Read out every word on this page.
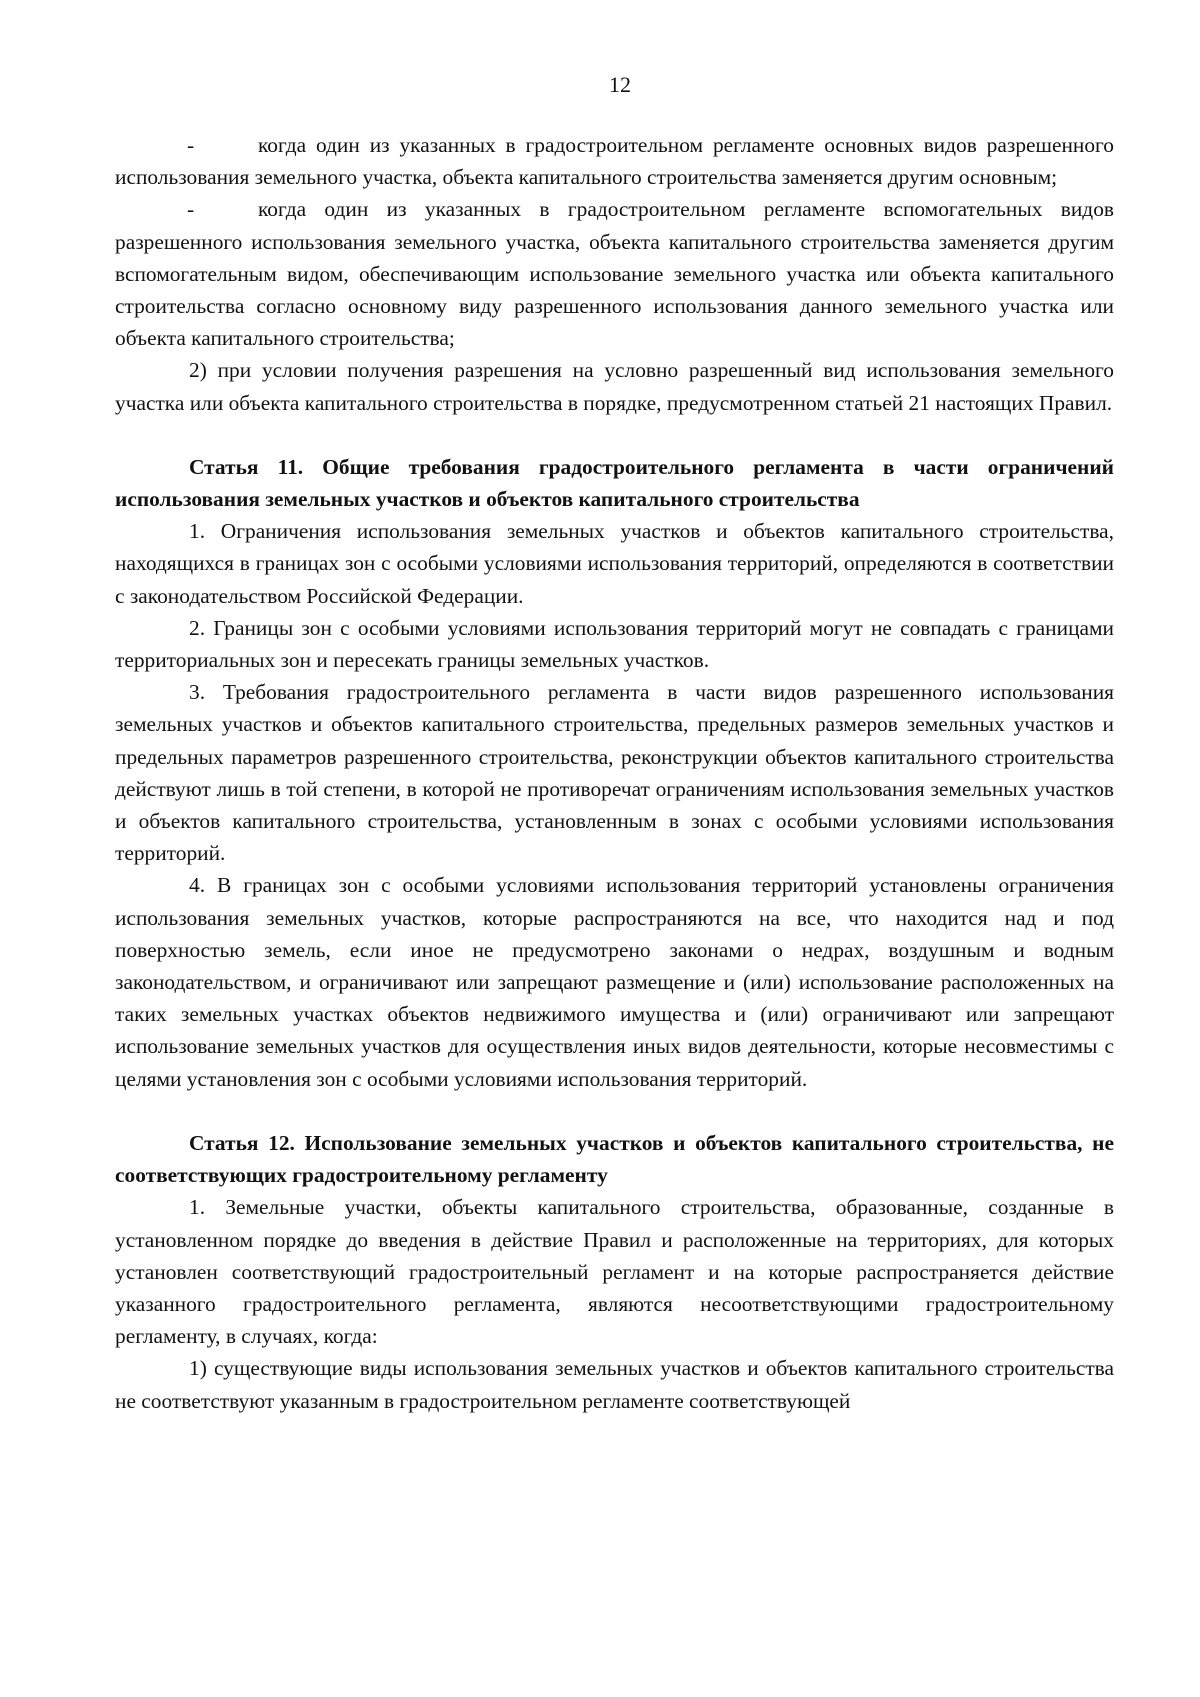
12

-	когда один из указанных в градостроительном регламенте основных видов разрешенного использования земельного участка, объекта капитального строительства заменяется другим основным;

-	когда один из указанных в градостроительном регламенте вспомогательных видов разрешенного использования земельного участка, объекта капитального строительства заменяется другим вспомогательным видом, обеспечивающим использование земельного участка или объекта капитального строительства согласно основному виду разрешенного использования данного земельного участка или объекта капитального строительства;

2) при условии получения разрешения на условно разрешенный вид использования земельного участка или объекта капитального строительства в порядке, предусмотренном статьей 21 настоящих Правил.

Статья 11. Общие требования градостроительного регламента в части ограничений использования земельных участков и объектов капитального строительства

1. Ограничения использования земельных участков и объектов капитального строительства, находящихся в границах зон с особыми условиями использования территорий, определяются в соответствии с законодательством Российской Федерации.

2. Границы зон с особыми условиями использования территорий могут не совпадать с границами территориальных зон и пересекать границы земельных участков.

3. Требования градостроительного регламента в части видов разрешенного использования земельных участков и объектов капитального строительства, предельных размеров земельных участков и предельных параметров разрешенного строительства, реконструкции объектов капитального строительства действуют лишь в той степени, в которой не противоречат ограничениям использования земельных участков и объектов капитального строительства, установленным в зонах с особыми условиями использования территорий.

4. В границах зон с особыми условиями использования территорий установлены ограничения использования земельных участков, которые распространяются на все, что находится над и под поверхностью земель, если иное не предусмотрено законами о недрах, воздушным и водным законодательством, и ограничивают или запрещают размещение и (или) использование расположенных на таких земельных участках объектов недвижимого имущества и (или) ограничивают или запрещают использование земельных участков для осуществления иных видов деятельности, которые несовместимы с целями установления зон с особыми условиями использования территорий.

Статья 12. Использование земельных участков и объектов капитального строительства, не соответствующих градостроительному регламенту

1. Земельные участки, объекты капитального строительства, образованные, созданные в установленном порядке до введения в действие Правил и расположенные на территориях, для которых установлен соответствующий градостроительный регламент и на которые распространяется действие указанного градостроительного регламента, являются несоответствующими градостроительному регламенту, в случаях, когда:

1) существующие виды использования земельных участков и объектов капитального строительства не соответствуют указанным в градостроительном регламенте соответствующей
